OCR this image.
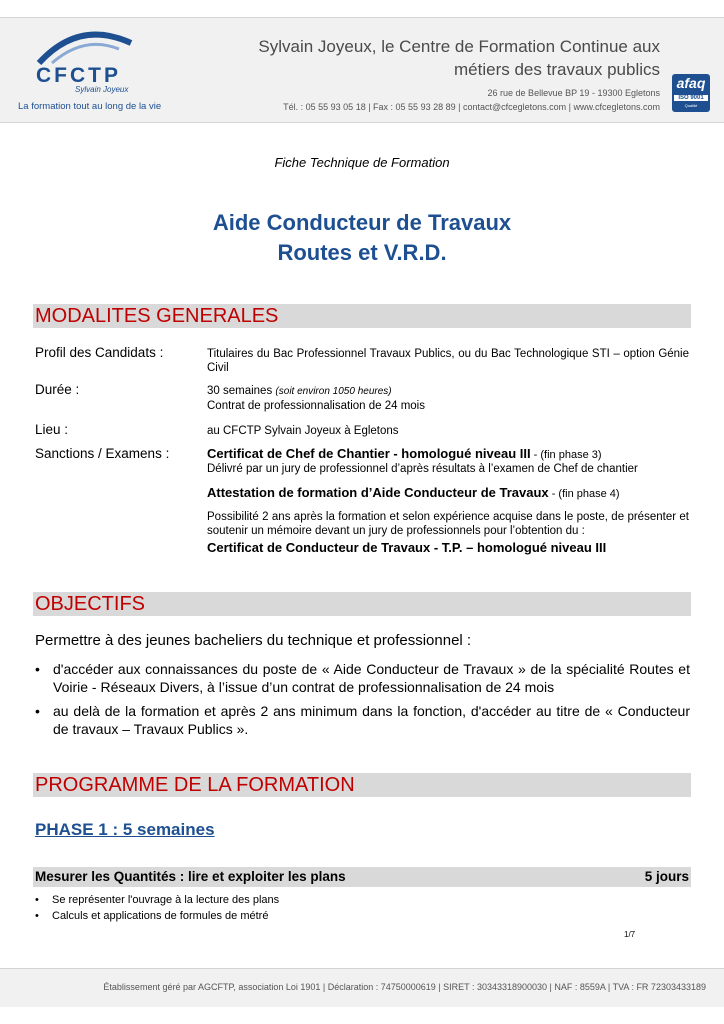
CFCTP
Sylvain Joyeux
La formation tout au long de la vie
Sylvain Joyeux, le Centre de Formation Continue aux
métiers des travaux publics
26 rue de Bellevue BP 19 - 19300 Egletons
Tél. : 05 55 93 05 18 | Fax : 05 55 93 28 89 | contact@cfcegletons.com | www.cfcegletons.com
afaq
ISO 9001
Qualité
Fiche Technique de Formation
Aide Conducteur de Travaux
Routes et V.R.D.
MODALITES GENERALES
Profil des Candidats :	Titulaires du Bac Professionnel Travaux Publics, ou du Bac Technologique STI – option Génie Civil
Durée :	30 semaines (soit environ 1050 heures)
Contrat de professionnalisation de 24 mois
Lieu :	au CFCTP Sylvain Joyeux à Egletons
Sanctions / Examens :	Certificat de Chef de Chantier - homologué niveau III - (fin phase 3)
Délivré par un jury de professionnel d’après résultats à l’examen de Chef de chantier
Attestation de formation d’Aide Conducteur de Travaux - (fin phase 4)
Possibilité 2 ans après la formation et selon expérience acquise dans le poste, de présenter et soutenir un mémoire devant un jury de professionnels pour l’obtention du :
Certificat de Conducteur de Travaux - T.P. – homologué niveau III
OBJECTIFS
Permettre à des jeunes bacheliers du technique et professionnel :
• d'accéder aux connaissances du poste de « Aide Conducteur de Travaux » de la spécialité Routes et Voirie - Réseaux Divers, à l’issue d’un contrat de professionnalisation de 24 mois
• au delà de la formation et après 2 ans minimum dans la fonction, d'accéder au titre de « Conducteur de travaux – Travaux Publics ».
PROGRAMME DE LA FORMATION
PHASE 1 : 5 semaines
Mesurer les Quantités : lire et exploiter les plans	5 jours
• Se représenter l'ouvrage à la lecture des plans
• Calculs et applications de formules de métré
1/7
Établissement géré par AGCFTP, association Loi 1901 | Déclaration : 74750000619 | SIRET : 30343318900030 | NAF : 8559A | TVA : FR 72303433189
